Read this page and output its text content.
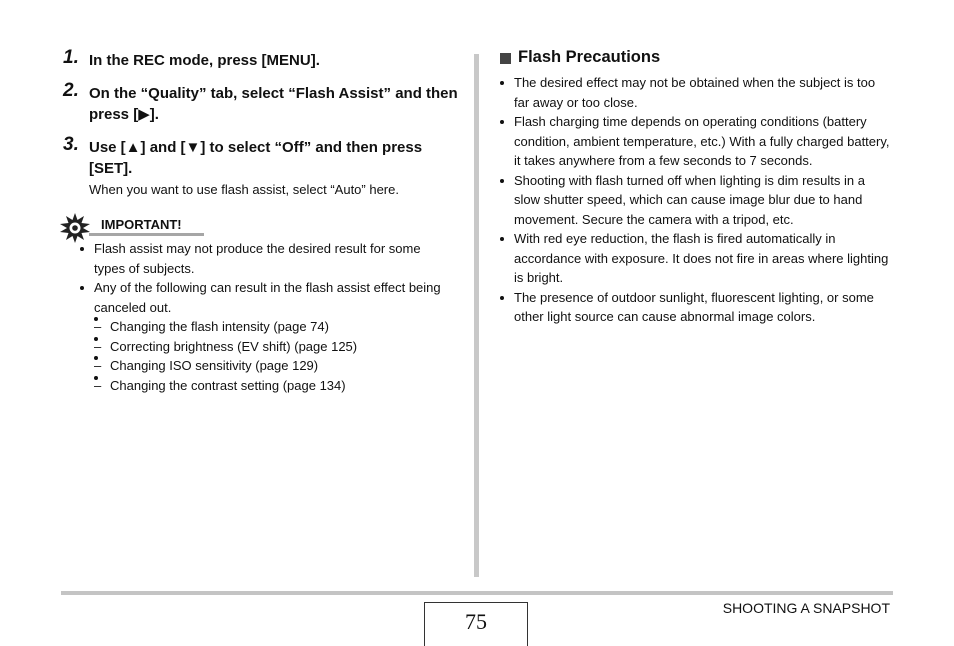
1. In the REC mode, press [MENU].
2. On the “Quality” tab, select “Flash Assist” and then press [▶].
3. Use [▲] and [▼] to select “Off” and then press [SET].
When you want to use flash assist, select “Auto” here.
IMPORTANT!
Flash assist may not produce the desired result for some types of subjects.
Any of the following can result in the flash assist effect being canceled out.
– Changing the flash intensity (page 74)
– Correcting brightness (EV shift) (page 125)
– Changing ISO sensitivity (page 129)
– Changing the contrast setting (page 134)
Flash Precautions
The desired effect may not be obtained when the subject is too far away or too close.
Flash charging time depends on operating conditions (battery condition, ambient temperature, etc.) With a fully charged battery, it takes anywhere from a few seconds to 7 seconds.
Shooting with flash turned off when lighting is dim results in a slow shutter speed, which can cause image blur due to hand movement. Secure the camera with a tripod, etc.
With red eye reduction, the flash is fired automatically in accordance with exposure. It does not fire in areas where lighting is bright.
The presence of outdoor sunlight, fluorescent lighting, or some other light source can cause abnormal image colors.
75
SHOOTING A SNAPSHOT
